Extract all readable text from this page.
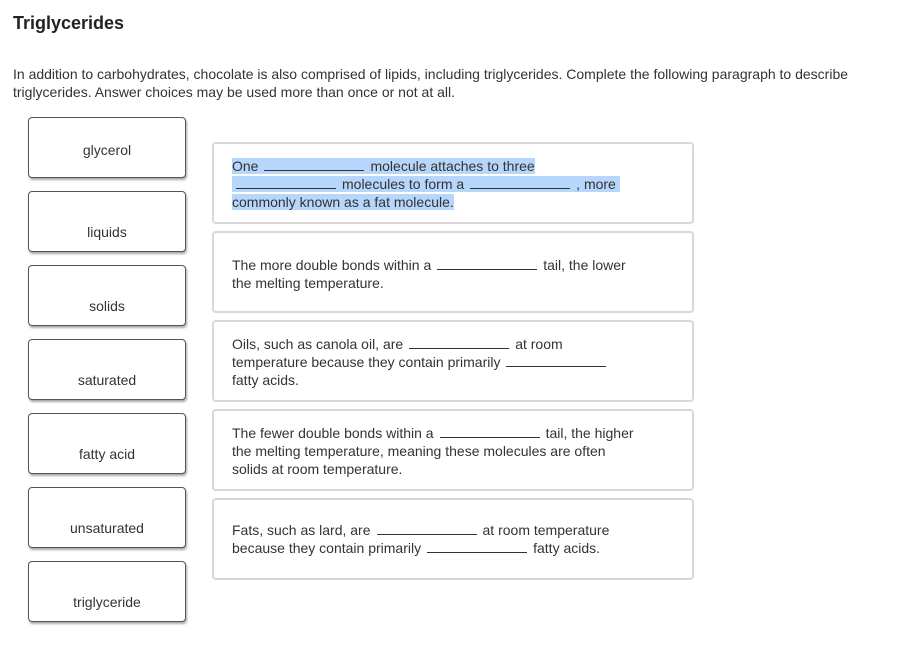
Triglycerides
In addition to carbohydrates, chocolate is also comprised of lipids, including triglycerides. Complete the following paragraph to describe triglycerides. Answer choices may be used more than once or not at all.
glycerol
liquids
solids
saturated
fatty acid
unsaturated
triglyceride

One	molecule attaches to three

molecules to form a	, more

commonly known as a fat molecule.

The more double bonds within a	tail, the lower

the melting temperature.

Oils, such as canola oil, are	at room

temperature because they contain primarily

fatty acids.

The fewer double bonds within a	tail, the higher

the melting temperature, meaning these molecules are often

solids at room temperature.

Fats, such as lard, are	at room temperature

because they contain primarily	fatty acids.
